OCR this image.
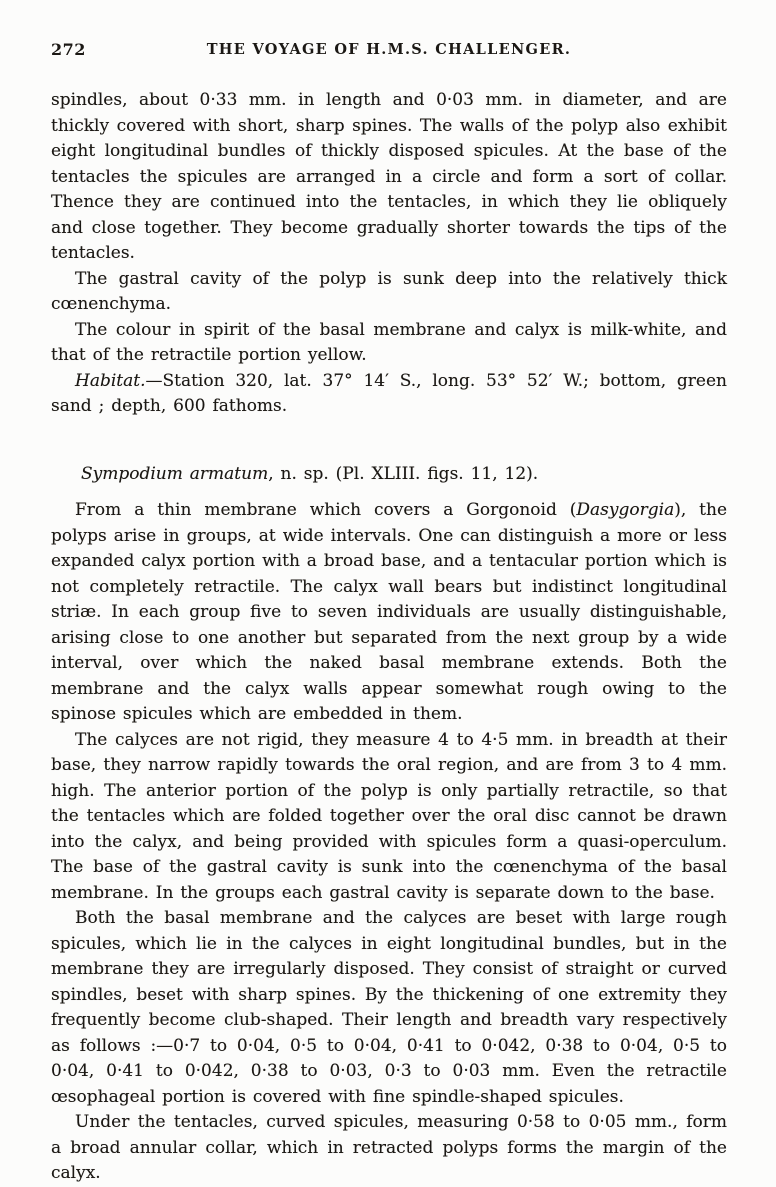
272	THE VOYAGE OF H.M.S. CHALLENGER.

spindles, about 0·33 mm. in length and 0·03 mm. in diameter, and are thickly covered with short, sharp spines. The walls of the polyp also exhibit eight longitudinal bundles of thickly disposed spicules. At the base of the tentacles the spicules are arranged in a circle and form a sort of collar. Thence they are continued into the tentacles, in which they lie obliquely and close together. They become gradually shorter towards the tips of the tentacles.

The gastral cavity of the polyp is sunk deep into the relatively thick cœnenchyma.

The colour in spirit of the basal membrane and calyx is milk-white, and that of the retractile portion yellow.

Habitat.—Station 320, lat. 37° 14′ S., long. 53° 52′ W.; bottom, green sand ; depth, 600 fathoms.

Sympodium armatum, n. sp. (Pl. XLIII. figs. 11, 12).

From a thin membrane which covers a Gorgonoid (Dasygorgia), the polyps arise in groups, at wide intervals. One can distinguish a more or less expanded calyx portion with a broad base, and a tentacular portion which is not completely retractile. The calyx wall bears but indistinct longitudinal striæ. In each group five to seven individuals are usually distinguishable, arising close to one another but separated from the next group by a wide interval, over which the naked basal membrane extends. Both the membrane and the calyx walls appear somewhat rough owing to the spinose spicules which are embedded in them.

The calyces are not rigid, they measure 4 to 4·5 mm. in breadth at their base, they narrow rapidly towards the oral region, and are from 3 to 4 mm. high. The anterior portion of the polyp is only partially retractile, so that the tentacles which are folded together over the oral disc cannot be drawn into the calyx, and being provided with spicules form a quasi-operculum. The base of the gastral cavity is sunk into the cœnenchyma of the basal membrane. In the groups each gastral cavity is separate down to the base.

Both the basal membrane and the calyces are beset with large rough spicules, which lie in the calyces in eight longitudinal bundles, but in the membrane they are irregularly disposed. They consist of straight or curved spindles, beset with sharp spines. By the thickening of one extremity they frequently become club-shaped. Their length and breadth vary respectively as follows :—0·7 to 0·04, 0·5 to 0·04, 0·41 to 0·042, 0·38 to 0·04, 0·5 to 0·04, 0·41 to 0·042, 0·38 to 0·03, 0·3 to 0·03 mm. Even the retractile œsophageal portion is covered with fine spindle-shaped spicules.

Under the tentacles, curved spicules, measuring 0·58 to 0·05 mm., form a broad annular collar, which in retracted polyps forms the margin of the calyx.
